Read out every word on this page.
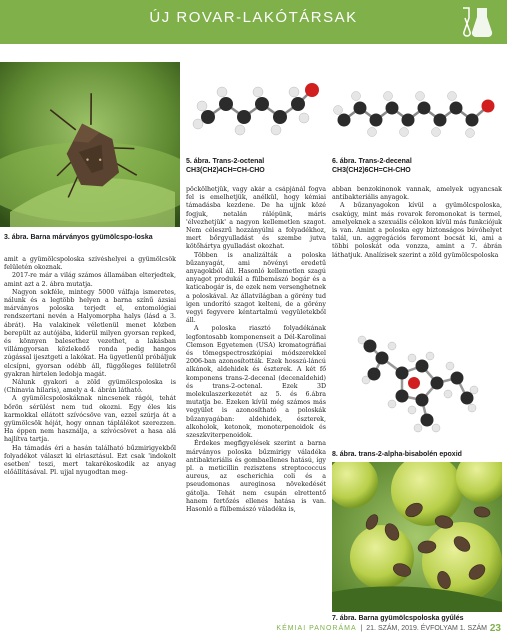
ÚJ ROVAR-LAKÓTÁRSAK
5. ábra. Trans-2-octenal
CH3(CH2)4CH=CH-CHO
6. ábra. Trans-2-decenal
CH3(CH2)6CH=CH-CHO
3. ábra. Barna márványos gyümölcspo-loska

amit a gyümölcspoloska szívéshelyei a gyümölcsök felületén okoznak.

2017-re már a világ számos államában elterjedtek, amint azt a 2. ábra mutatja.

Nagyon sokféle, mintegy 5000 válfaja ismeretes, nálunk és a legtöbb helyen a barna színű ázsiai márványos poloska terjedt el, entomológiai rendszertani nevén a Halyomorpha halys (lásd a 3. ábrát). Ha valakinek véletlenül menet közben berepült az autójába, kiderül milyen gyorsan repked, és könnyen balesethez vezethet, a lakásban villámgyorsan közlekedő ronda pedig hangos zúgással ijesztgeti a lakókat. Ha ügyetlenül próbáljuk elcsípni, gyorsan odébb áll, függőleges felületről gyakran hirtelen ledobja magát.

Nálunk gyakori a zöld gyümölcspoloska is (Chinavia hilaris), amely a 4. ábrán látható.

A gyümölcspoloskáknak nincsenek rágói, tehát bőrön sérülést nem tud okozni. Egy éles kis karmokkal ellátott szívócsöve van, ezzel szúrja át a gyümölcsök héját, hogy onnan táplálékot szerezzen. Ha éppen nem használja, a szívócsövet a hasa alá hajlítva tartja.

Ha támadás éri a hasán található bűzmirigyekből folyadékot választ ki elriasztásul. Ezt csak 'indokolt esetben' teszi, mert takarékoskodik az anyag előállításával. Pl. ujjal nyugodtan meg-

pöckölhetjük, vagy akár a csápjánál fogva fel is emelhetjük, anélkül, hogy kémiai támadásba kezdene. De ha ujjnk közé fogjuk, netalán rálépünk, máris 'élvezhetjük' a nagyon kellemetlen szagot. Nem céleszrű hozzányúlni a folyadékhoz, mert bőrgyulladást és szembe jutva kötőhártya gyulladást okozhat.

Többen is analizálták a poloska bűzanyagát, ami növényi eredetű anyagokból áll. Hasonló kellemetlen szagú anyagot produkál a fülbemászó bogár és a katicabogár is, de ezek nem versenghetnek a poloskával. Az állatvilágban a görény tud igen undorító szagot kelteni, de a görény vegyi fegyvere kéntartalmú vegyületekből áll.

A poloska riasztó folyadékának legfontosabb komponenseit a Dél-Karolinai Clemson Egyetemen (USA) kromatográfiai és tömegspectroszkópiai módszerekkel 2006-ban azonosították. Ezek hosszú-láncú alkánok, aldehidek és észterek. A két fő komponens trans-2-decenal (decenaldehid) és trans-2-octenal. Ezek 3D molekulaszerkezetét az 5. és 6.ábra mutatja be. Ezeken kívül még számos más vegyület is azonosítható a poloskák bűzanyagában: aldehidek, észterek, alkoholok, ketonok, monoterpenoidok és szeszkviterpenoidok.

Érdekes megfigyelések szerint a barna márványos poloska bűzmirigy váladéka antibakteriális és gombaellenes hatású, így pl. a meticillin rezisztens streptococcus aureus, az escherichia coli és a pseudomonas aureginosa növekedését gátolja. Tehát nem csupán elrettentő hanem fertőzés ellenes hatása is van. Hasonló a fülbemászó váladéka is,

abban benzokinonok vannak, amelyek ugyancsak antibakteriális anyagok.

A bűzanyagokon kívül a gyümölcspoloska, csakúgy, mint más rovarok feromonokat is termel, amelyeknek a szexuális célokon kívül más funkciójuk is van. Amint a poloska egy biztonságos búvóhelyet talál, un. aggregációs feromont bocsát ki, ami a többi poloskát oda vonzza, amint a 7. ábrán láthatjuk. Analízisek szerint a zöld gyümölcspoloska

8. ábra. trans-2-alpha-bisabolén epoxid
7. ábra. Barna gyümölcspoloska gyűlés
KÉMIAI PANORÁMA  |  21. SZÁM, 2019. ÉVFOLYAM 1. SZÁM 23
